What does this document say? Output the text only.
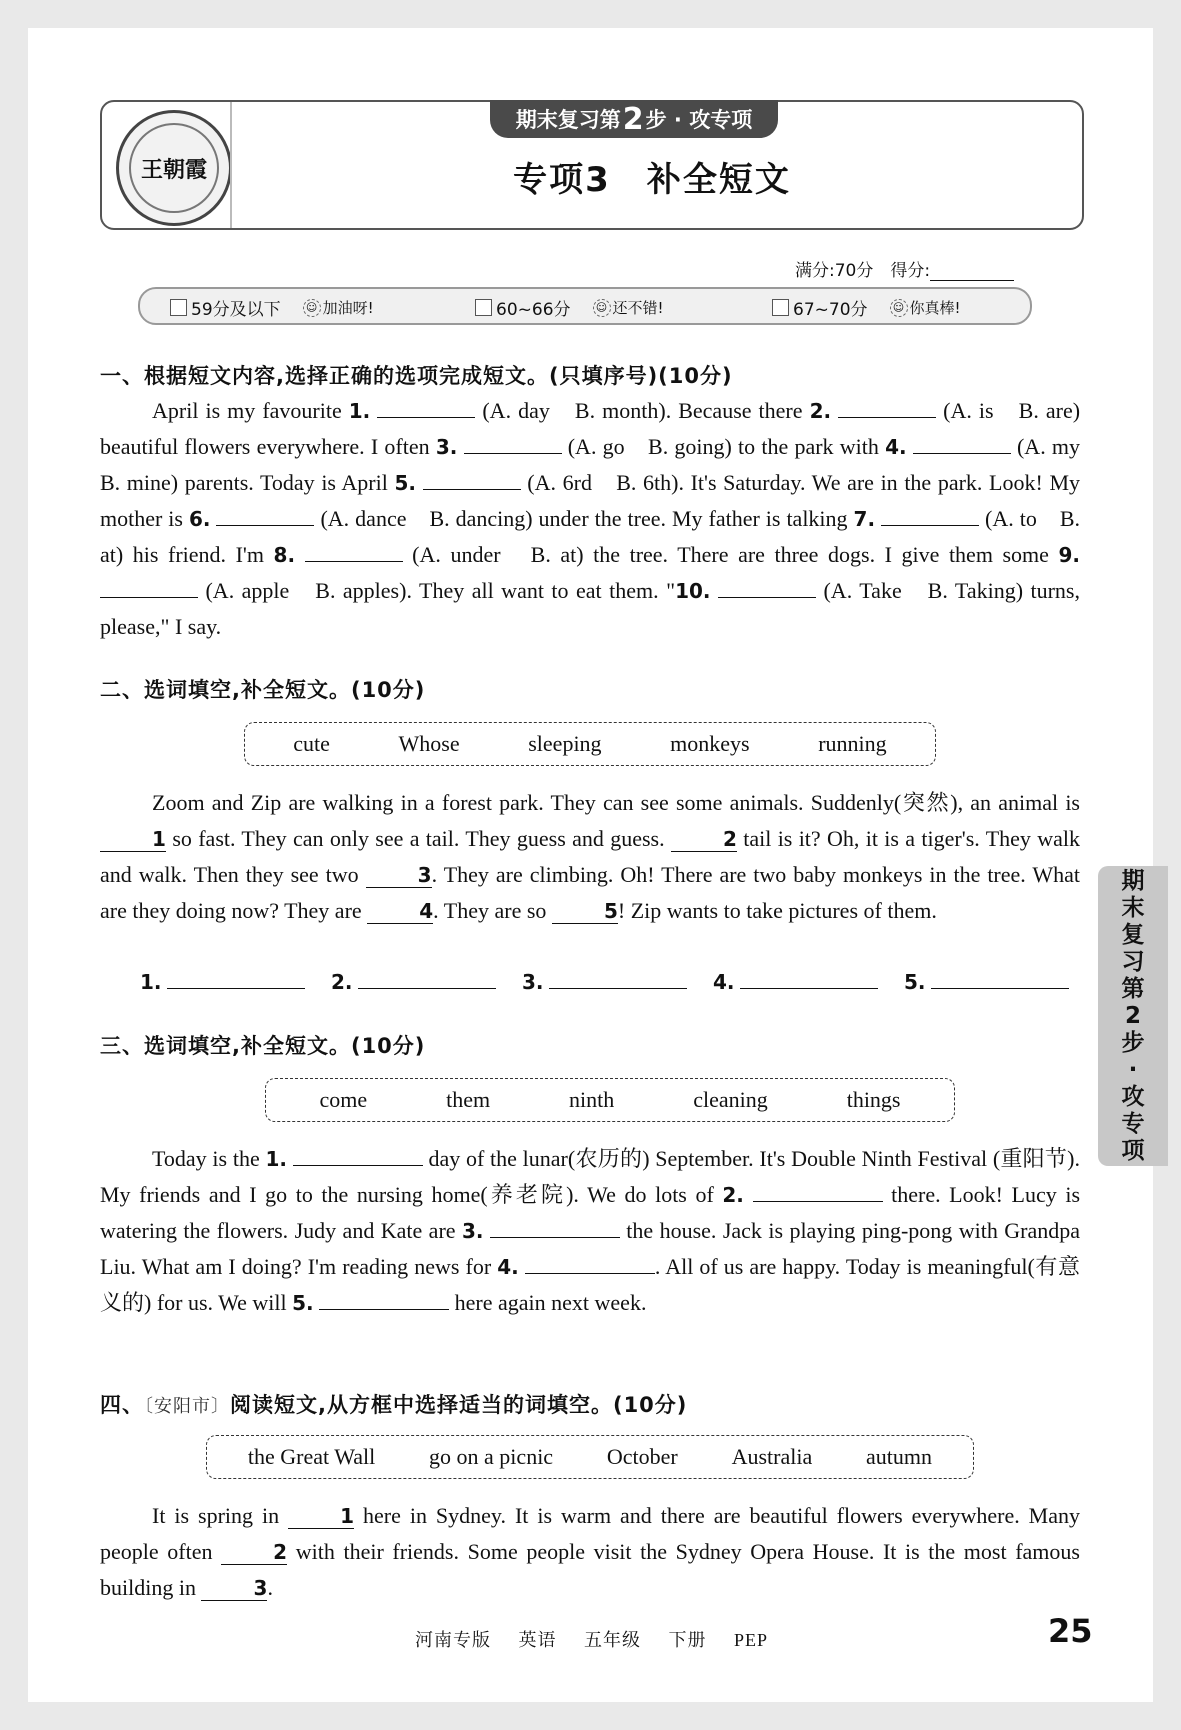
王朝霞
期末复习第 2 步 · 攻专项
专项3　补全短文
满分:70分　 得分:
59分及以下 ☺ 加油呀!	60~66分 ☺ 还不错!	67~70分 ☺ 你真棒!
一、根据短文内容,选择正确的选项完成短文。(只填序号)(10分)

April is my favourite 1.	(A. day　B. month). Because there 2.	(A. is　B. are) beautiful flowers everywhere. I often 3.	(A. go　B. going) to the park with 4.	(A. my　B. mine) parents. Today is April 5.	(A. 6rd　B. 6th). It's Saturday. We are in the park. Look! My mother is 6.	(A. dance　B. dancing) under the tree. My father is talking 7.	(A. to　B. at) his friend. I'm 8.	(A. under　B. at) the tree. There are three dogs. I give them some 9.  (A. apple　B. apples). They all want to eat them. "10.	(A. Take　B. Taking) turns, please," I say.

二、选词填空,补全短文。(10分)
cute	Whose	sleeping	monkeys	running

Zoom and Zip are walking in a forest park. They can see some animals. Suddenly(突然), an animal is 1 so fast. They can only see a tail. They guess and guess.	2 tail is it? Oh, it is a tiger's. They walk and walk. Then they see two	3. They are climbing. Oh! There are two baby monkeys in the tree. What are they doing now? They are	4. They are so	5! Zip wants to take pictures of them.

1.	2.	3.	4.	5.
三、选词填空,补全短文。(10分)
come	them	ninth	cleaning	things

Today is the 1.	day of the lunar(农历的) September. It's Double Ninth Festival (重阳节). My friends and I go to the nursing home(养老院). We do lots of 2.	there. Look! Lucy is watering the flowers. Judy and Kate are 3.	the house. Jack is playing ping-pong with Grandpa Liu. What am I doing? I'm reading news for 4.	. All of us are happy. Today is meaningful(有意义的) for us. We will 5.	here again next week.

四、〔安阳市〕阅读短文,从方框中选择适当的词填空。(10分)
the Great Wall go on a picnic October Australia autumn

It is spring in	1 here in Sydney. It is warm and there are beautiful flowers everywhere. Many people often	2 with their friends. Some people visit the Sydney Opera House. It is the most famous building in	3.

期
末
复
习
第
2
步
·
攻
专
项
河南专版 英语 五年级 下册 PEP	25
